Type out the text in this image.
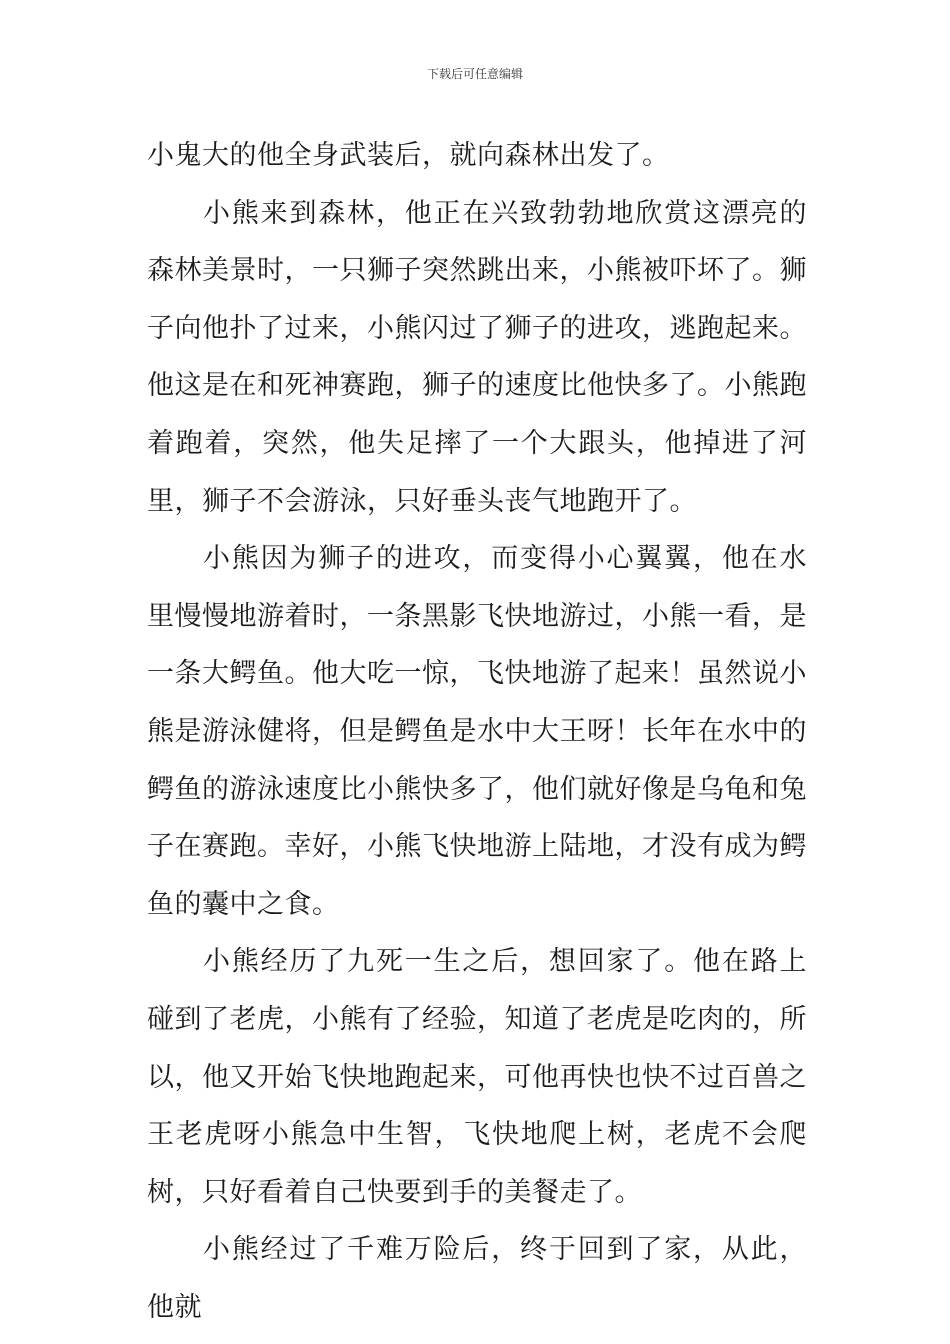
下载后可任意编辑

小鬼大的他全身武装后，就向森林出发了。

小熊来到森林，他正在兴致勃勃地欣赏这漂亮的森林美景时，一只狮子突然跳出来，小熊被吓坏了。狮子向他扑了过来，小熊闪过了狮子的进攻，逃跑起来。他这是在和死神赛跑，狮子的速度比他快多了。小熊跑着跑着，突然，他失足摔了一个大跟头，他掉进了河里，狮子不会游泳，只好垂头丧气地跑开了。

小熊因为狮子的进攻，而变得小心翼翼，他在水里慢慢地游着时，一条黑影飞快地游过，小熊一看，是一条大鳄鱼。他大吃一惊，飞快地游了起来！虽然说小熊是游泳健将，但是鳄鱼是水中大王呀！长年在水中的鳄鱼的游泳速度比小熊快多了，他们就好像是乌龟和兔子在赛跑。幸好，小熊飞快地游上陆地，才没有成为鳄鱼的囊中之食。

小熊经历了九死一生之后，想回家了。他在路上碰到了老虎，小熊有了经验，知道了老虎是吃肉的，所以，他又开始飞快地跑起来，可他再快也快不过百兽之王老虎呀小熊急中生智，飞快地爬上树，老虎不会爬树，只好看着自己快要到手的美餐走了。

小熊经过了千难万险后，终于回到了家，从此，他就
